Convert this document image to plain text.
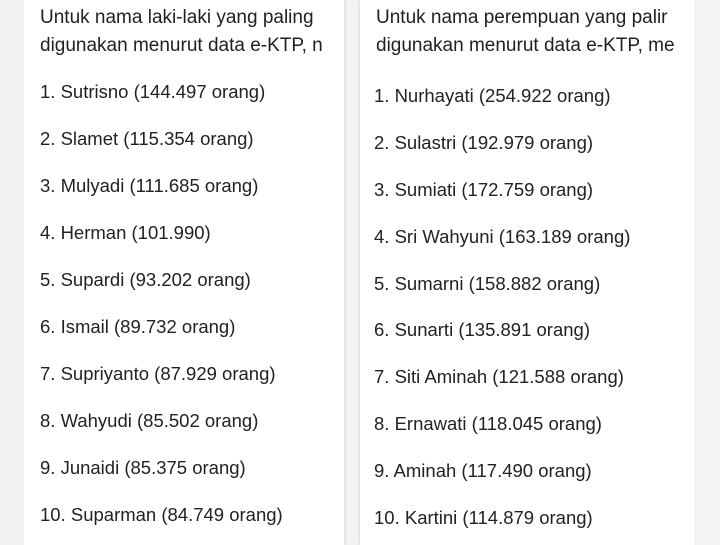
Untuk nama laki-laki yang paling
digunakan menurut data e-KTP, n
1. Sutrisno (144.497 orang)
2. Slamet (115.354 orang)
3. Mulyadi (111.685 orang)
4. Herman (101.990)
5. Supardi (93.202 orang)
6. Ismail (89.732 orang)
7. Supriyanto (87.929 orang)
8. Wahyudi (85.502 orang)
9. Junaidi (85.375 orang)
10. Suparman (84.749 orang)
Untuk nama perempuan yang palir
digunakan menurut data e-KTP, me
1. Nurhayati (254.922 orang)
2. Sulastri (192.979 orang)
3. Sumiati (172.759 orang)
4. Sri Wahyuni (163.189 orang)
5. Sumarni (158.882 orang)
6. Sunarti (135.891 orang)
7. Siti Aminah (121.588 orang)
8. Ernawati (118.045 orang)
9. Aminah (117.490 orang)
10. Kartini (114.879 orang)
